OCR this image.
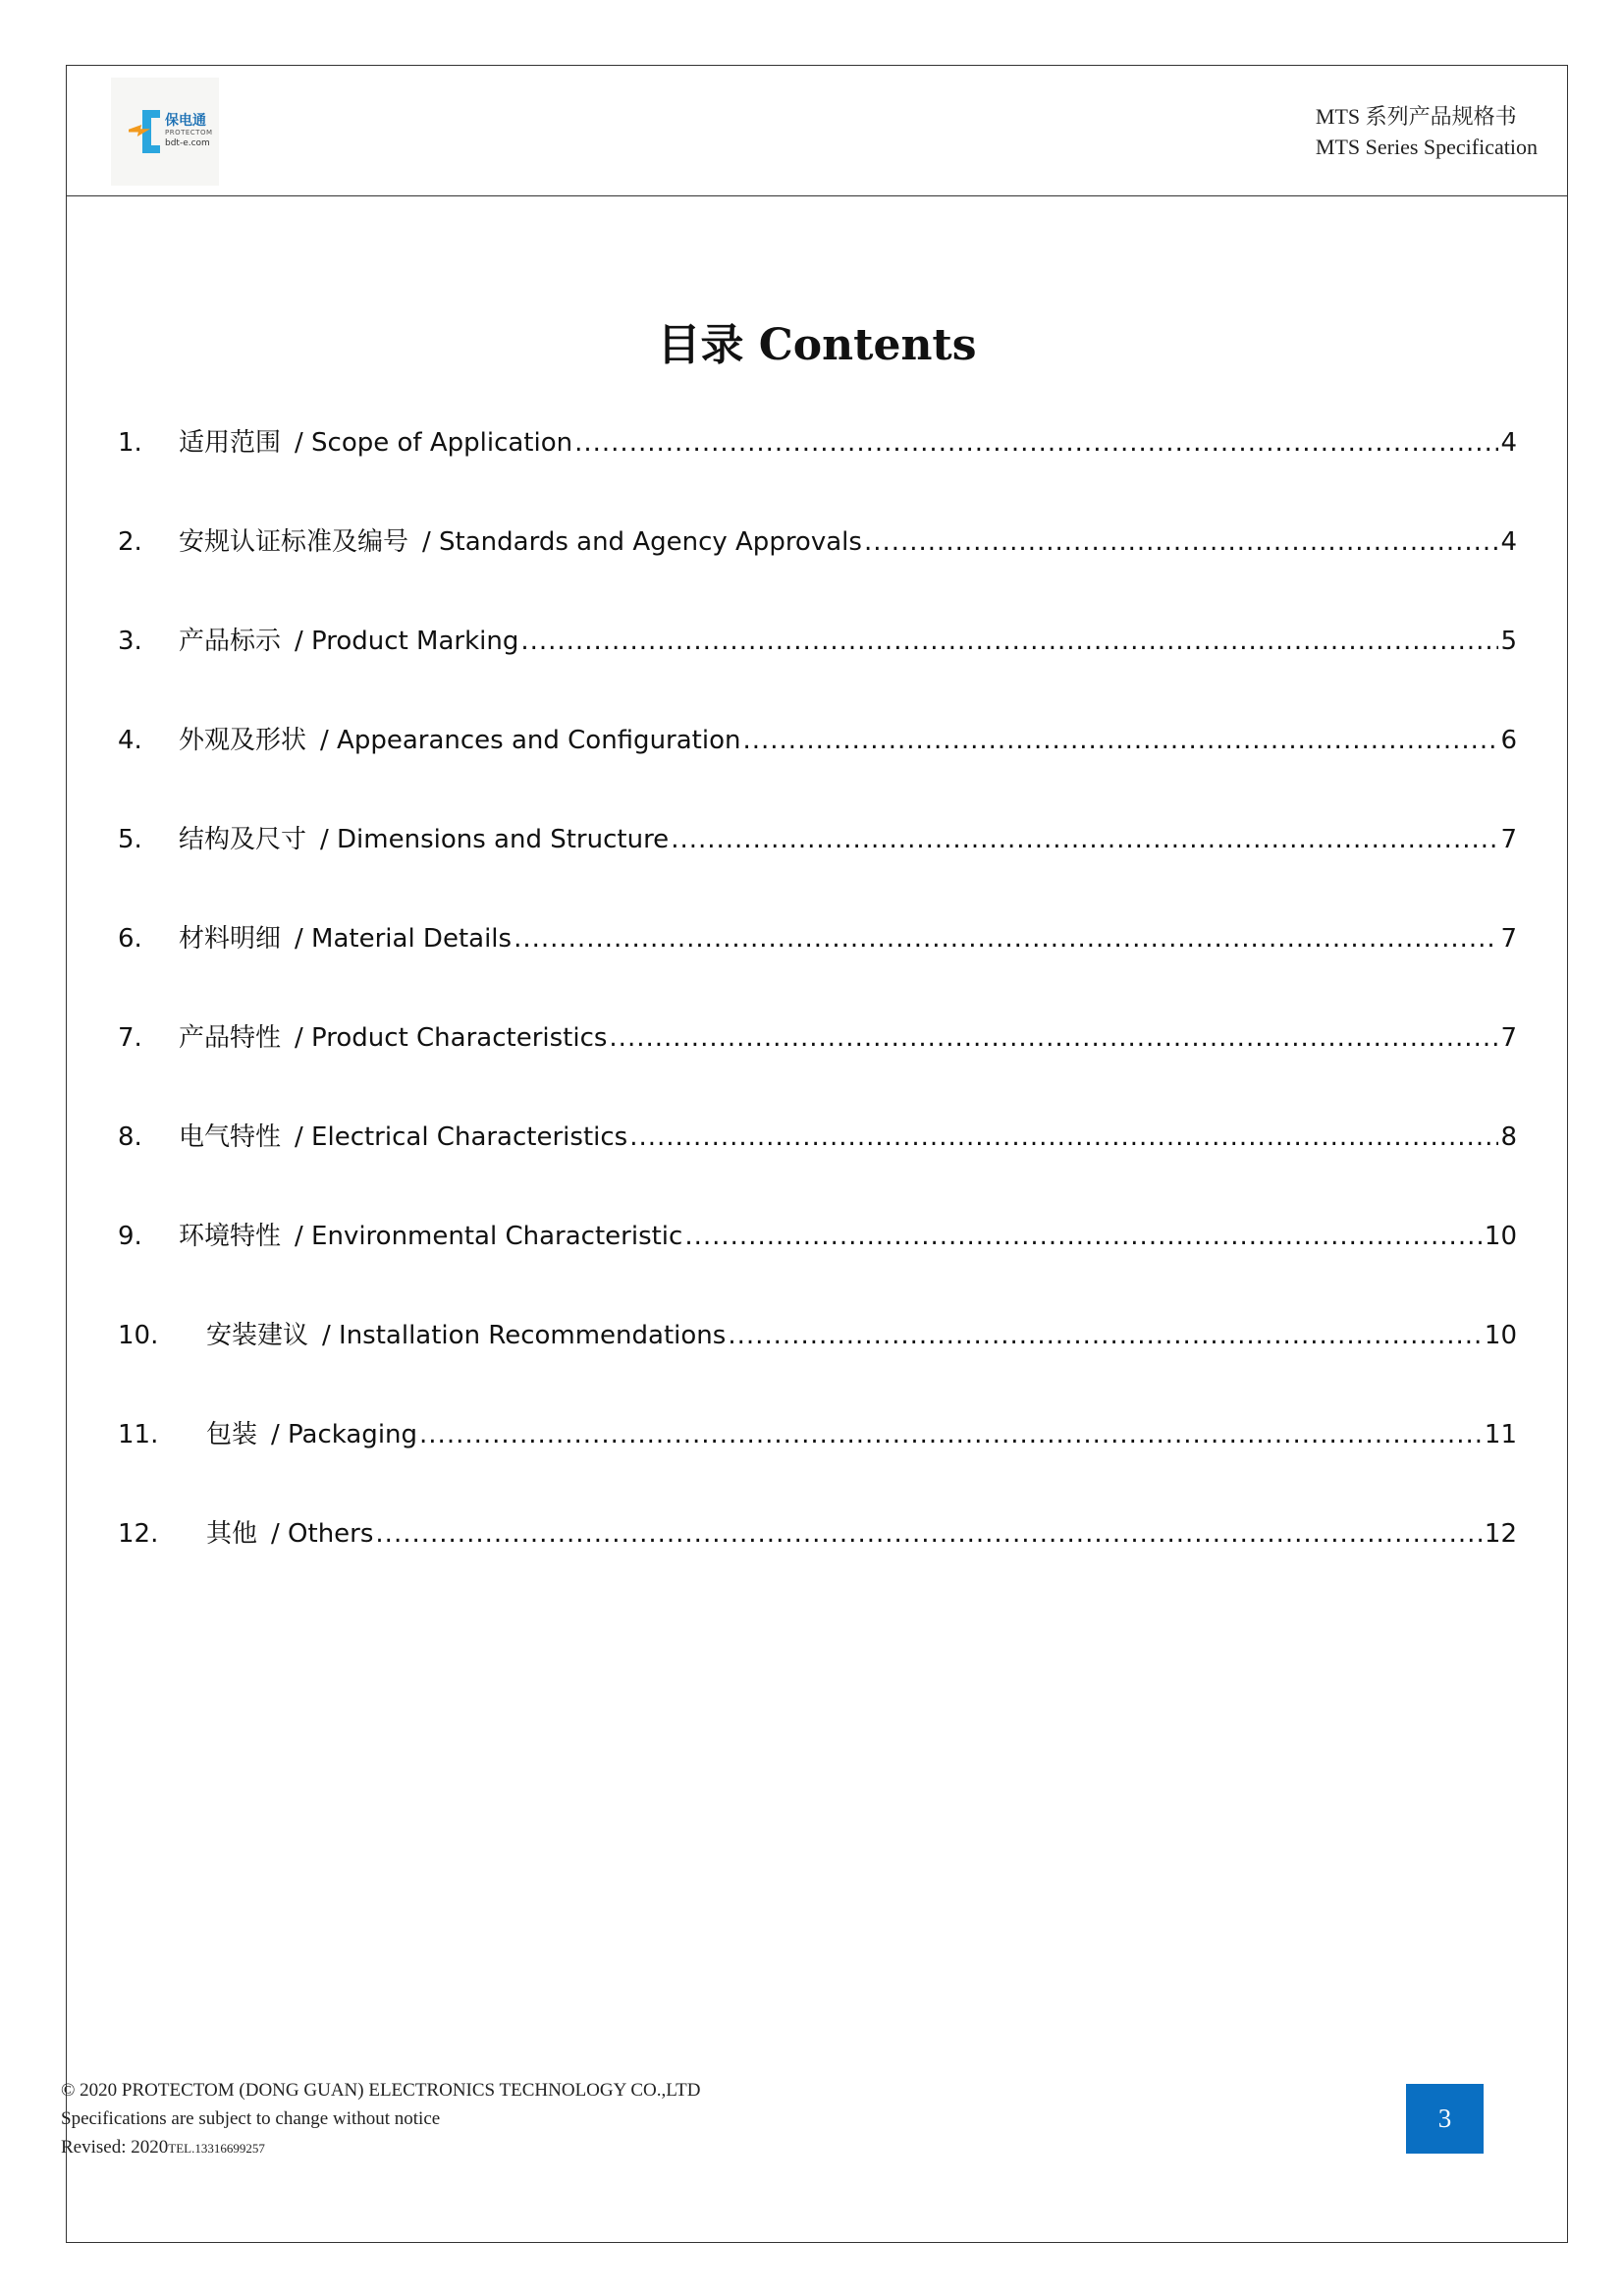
保电通
PROTECTOM
bdt-e.com
MTS 系列产品规格书
MTS Series Specification
目录 Contents
1.	适用范围 / Scope of Application .....	4
2.	安规认证标准及编号 / Standards and Agency Approvals .....	4
3.	产品标示 / Product Marking .....	5
4.	外观及形状 / Appearances and Configuration .....	6
5.	结构及尺寸 / Dimensions and Structure .....	7
6.	材料明细 / Material Details .....	7
7.	产品特性 / Product Characteristics .....	7
8.	电气特性 / Electrical Characteristics .....	8
9.	环境特性 / Environmental Characteristic .....	10
10.	安装建议 / Installation Recommendations .....	10
11.	包装 / Packaging .....	11
12.	其他 / Others .....	12
© 2020 PROTECTOM (DONG GUAN) ELECTRONICS TECHNOLOGY CO.,LTD
Specifications are subject to change without notice
Revised: 2020TEL.13316699257
3
